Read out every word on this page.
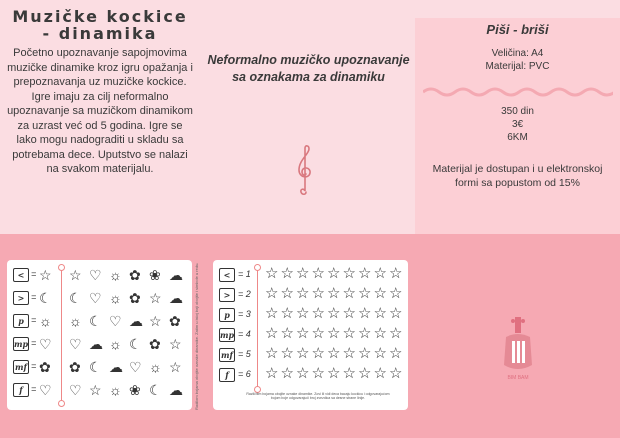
Muzičke kockice
- dinamika
Početno upoznavanje sapojmovima muzičke dinamike kroz igru opažanja i prepoznavanja uz muzičke kockice. Igre imaju za cilj neformalno upoznavanje sa muzičkom dinamikom za uzrast već od 5 godina. Igre se lako mogu nadograditi u skladu sa potrebama dece. Uputstvo se nalazi na svakom materijalu.
Neformalno muzičko upoznavanje sa oznakama za dinamiku
Piši - briši
Veličina: A4
Materijal: PVC
350 din
3€
6KM
Materijal je dostupan i u elektronskoj formi sa popustom od 15%
Radilom bojama obojite oznake dinamike. Zatim u istoj boji obojite i simbole u redu.
< = ☆ ☆ ♡ ☼ ✿ ❀ ☁
> = ☾ ☾ ♡ ☼ ✿ ☆ ☁
p = ☼ ☼ ☾ ♡ ☁ ☆ ✿
mp = ♡ ♡ ☁ ☼ ☾ ✿ ☆
mf = ✿ ✿ ☾ ☁ ♡ ☼ ☆
f = ♡ ♡ ☆ ☼ ❀ ☾ ☁	Različitim bojama obojite oznake dinamike. Zovi ili vidi deca bacaju kockicu i odgovarajućom bojom boje odgovarajući broj zvezdica sa desne strane linije.
< = 1 ☆ ☆ ☆ ☆ ☆ ☆ ☆ ☆ ☆
> = 2 ☆ ☆ ☆ ☆ ☆ ☆ ☆ ☆ ☆
p = 3 ☆ ☆ ☆ ☆ ☆ ☆ ☆ ☆ ☆
mp = 4 ☆ ☆ ☆ ☆ ☆ ☆ ☆ ☆ ☆
mf = 5 ☆ ☆ ☆ ☆ ☆ ☆ ☆ ☆ ☆
f	= 6 ☆ ☆ ☆ ☆ ☆ ☆ ☆ ☆ ☆	BIM BAM
